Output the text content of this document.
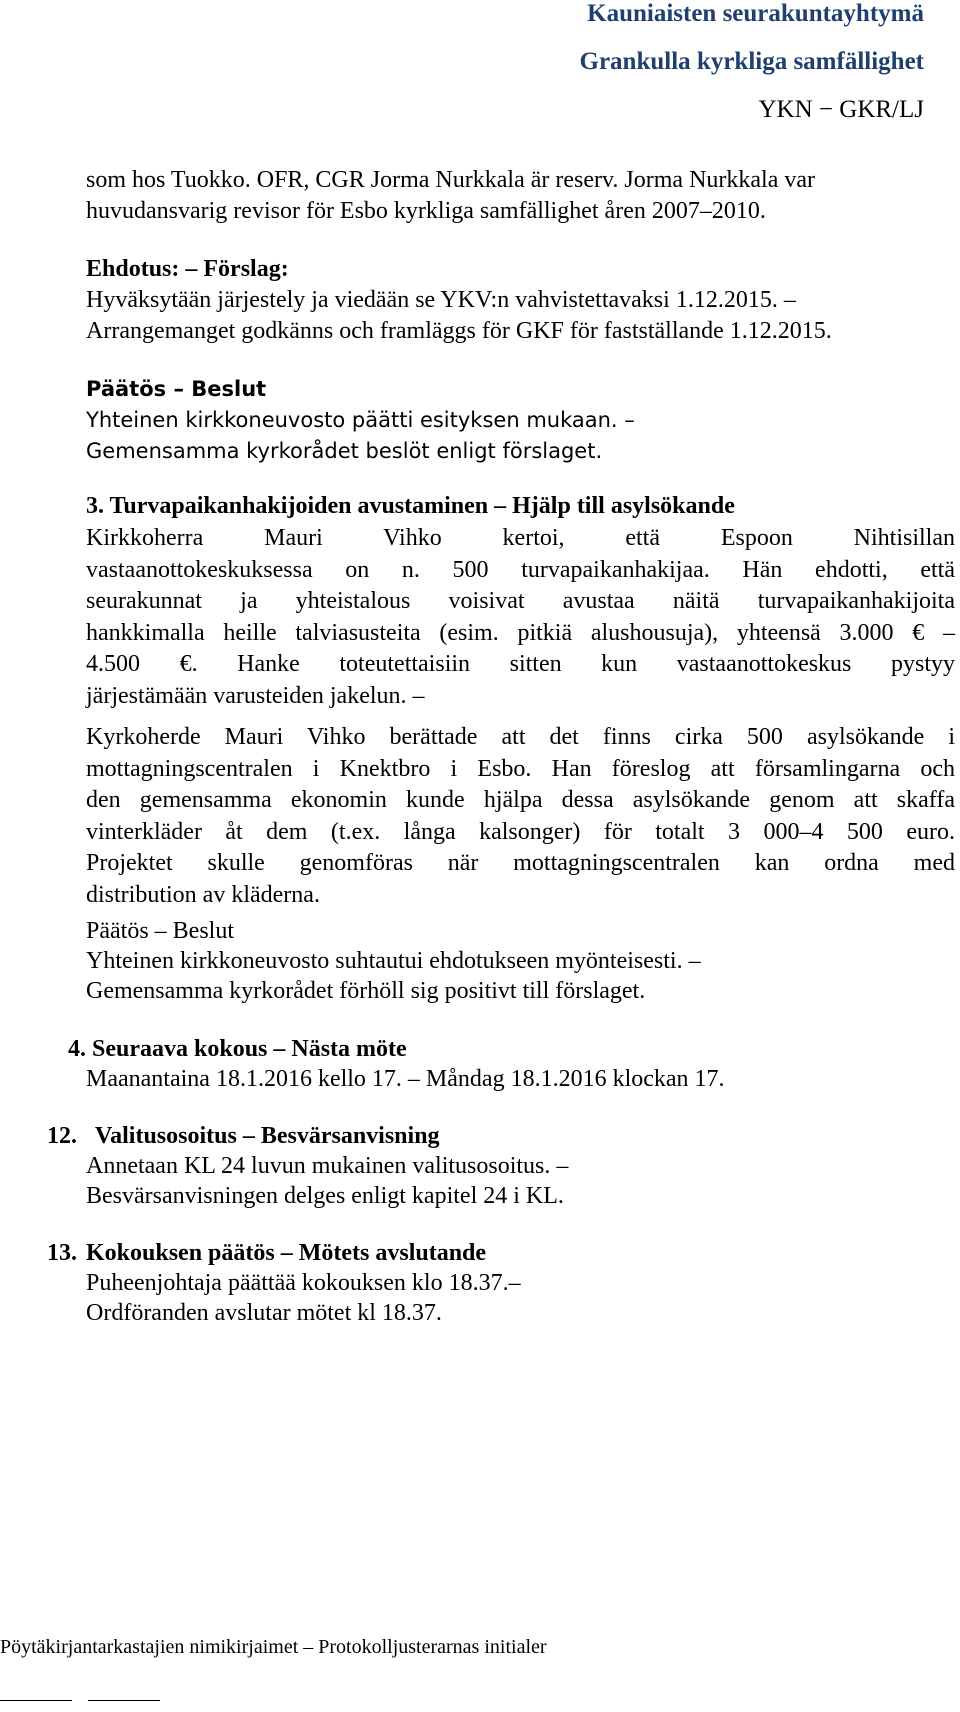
Kauniaisten seurakuntayhtymä
Grankulla kyrkliga samfällighet
YKN − GKR/LJ
som hos Tuokko. OFR, CGR Jorma Nurkkala är reserv. Jorma Nurkkala var
huvudansvarig revisor för Esbo kyrkliga samfällighet åren 2007–2010.
Ehdotus: – Förslag:
Hyväksytään järjestely ja viedään se YKV:n vahvistettavaksi 1.12.2015. –
Arrangemanget godkänns och framläggs för GKF för fastställande 1.12.2015.
Päätös – Beslut
Yhteinen kirkkoneuvosto päätti esityksen mukaan. –
Gemensamma kyrkorådet beslöt enligt förslaget.
3. Turvapaikanhakijoiden avustaminen – Hjälp till asylsökande
Kirkkoherra Mauri Vihko kertoi, että Espoon Nihtisillan
vastaanottokeskuksessa on n. 500 turvapaikanhakijaa. Hän ehdotti, että
seurakunnat ja yhteistalous voisivat avustaa näitä turvapaikanhakijoita
hankkimalla heille talviasusteita (esim. pitkiä alushousuja), yhteensä 3.000 € –
4.500 €. Hanke toteutettaisiin sitten kun vastaanottokeskus pystyy
järjestämään varusteiden jakelun. –
Kyrkoherde Mauri Vihko berättade att det finns cirka 500 asylsökande i
mottagningscentralen i Knektbro i Esbo. Han föreslog att församlingarna och
den gemensamma ekonomin kunde hjälpa dessa asylsökande genom att skaffa
vinterkläder åt dem (t.ex. långa kalsonger) för totalt 3 000–4 500 euro.
Projektet skulle genomföras när mottagningscentralen kan ordna med
distribution av kläderna.
Päätös – Beslut
Yhteinen kirkkoneuvosto suhtautui ehdotukseen myönteisesti. –
Gemensamma kyrkorådet förhöll sig positivt till förslaget.
4. Seuraava kokous – Nästa möte
Maanantaina 18.1.2016 kello 17. – Måndag 18.1.2016 klockan 17.
12. Valitusosoitus – Besvärsanvisning
Annetaan KL 24 luvun mukainen valitusosoitus. –
Besvärsanvisningen delges enligt kapitel 24 i KL.
13. Kokouksen päätös – Mötets avslutande
Puheenjohtaja päättää kokouksen klo 18.37.–
Ordföranden avslutar mötet kl 18.37.
Pöytäkirjantarkastajien nimikirjaimet – Protokolljusterarnas initialer
